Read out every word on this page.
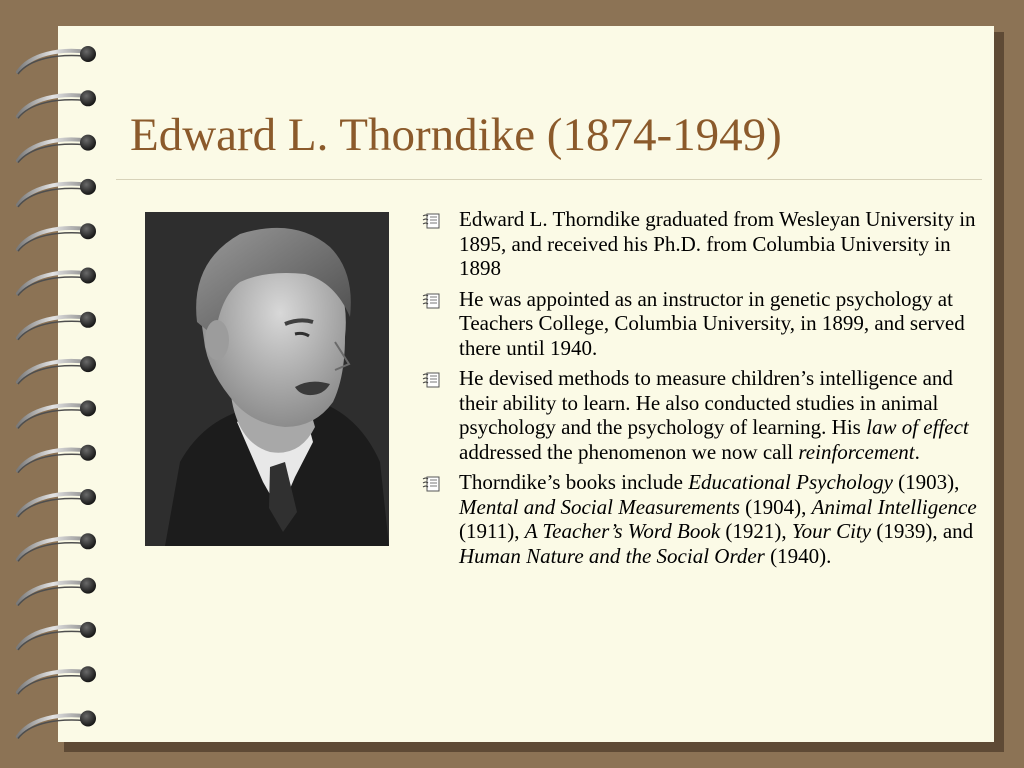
Edward L. Thorndike (1874-1949)
Edward L. Thorndike graduated from Wesleyan University in 1895, and received his Ph.D. from Columbia University in 1898
He was appointed as an instructor in genetic psychology at Teachers College, Columbia University, in 1899, and served there until 1940.
He devised methods to measure children’s intelligence and their ability to learn. He also conducted studies in animal psychology and the psychology of learning. His law of effect addressed the phenomenon we now call reinforcement.
Thorndike’s books include Educational Psychology (1903), Mental and Social Measurements (1904), Animal Intelligence (1911), A Teacher’s Word Book (1921), Your City (1939), and Human Nature and the Social Order (1940).
